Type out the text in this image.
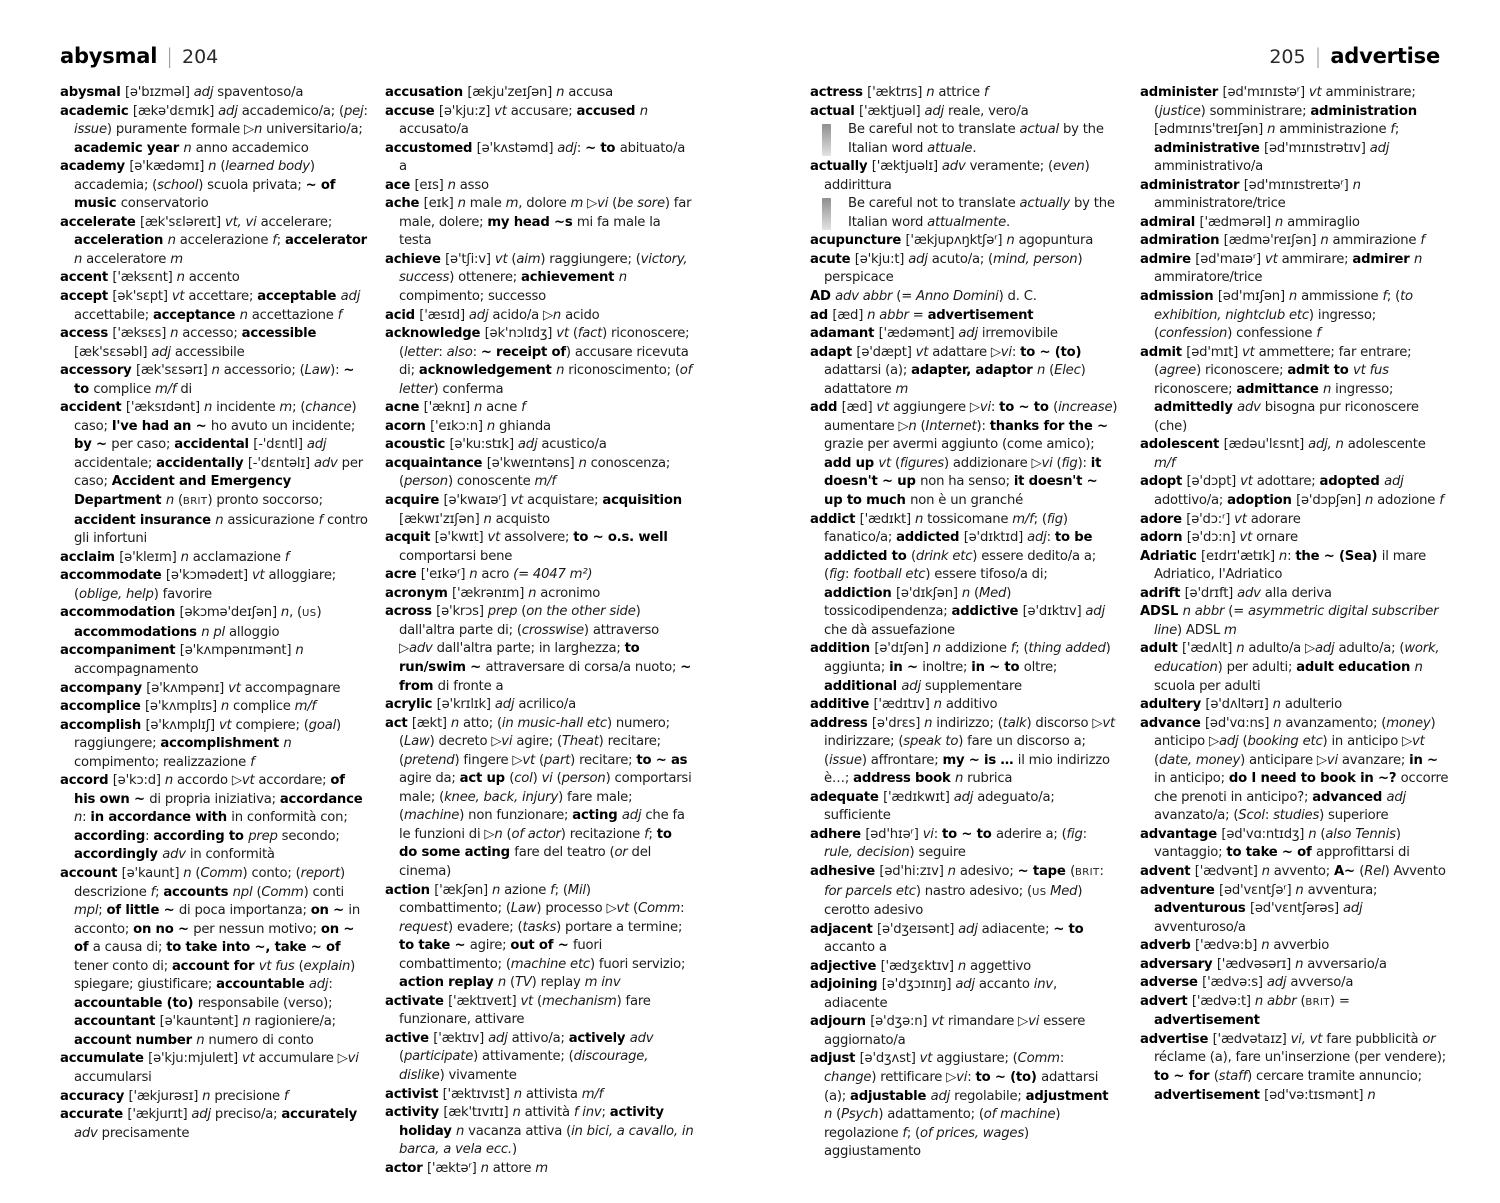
abysmal | 204	205 | advertise

abysmal [ə'bɪzməl] adj spaventoso/a

academic [ækə'dɛmɪk] adj accademico/a; (pej: issue) puramente formale ▷n universitario/a; academic year n anno accademico

academy [ə'kædəmɪ] n (learned body) accademia; (school) scuola privata; ~ of music conservatorio

accelerate [æk'sɛləreɪt] vt, vi accelerare; acceleration n accelerazione f; accelerator n acceleratore m

accent ['æksɛnt] n accento

accept [ək'sɛpt] vt accettare; acceptable adj accettabile; acceptance n accettazione f

access ['æksɛs] n accesso; accessible [æk'sɛsəbl] adj accessibile

accessory [æk'sɛsərɪ] n accessorio; (Law): ~ to complice m/f di

accident ['æksɪdənt] n incidente m; (chance) caso; I've had an ~ ho avuto un incidente; by ~ per caso; accidental [-'dɛntl] adj accidentale; accidentally [-'dɛntəlɪ] adv per caso; Accident and Emergency Department n (BRIT) pronto soccorso; accident insurance n assicurazione f contro gli infortuni

acclaim [ə'kleɪm] n acclamazione f

accommodate [ə'kɔmədeɪt] vt alloggiare; (oblige, help) favorire

accommodation [əkɔmə'deɪʃən] n, (US) accommodations n pl alloggio

accompaniment [ə'kʌmpənɪmənt] n accompagnamento

accompany [ə'kʌmpənɪ] vt accompagnare

accomplice [ə'kʌmplɪs] n complice m/f

accomplish [ə'kʌmplɪʃ] vt compiere; (goal) raggiungere; accomplishment n compimento; realizzazione f

accord [ə'kɔ:d] n accordo ▷vt accordare; of his own ~ di propria iniziativa; accordance n: in accordance with in conformità con; according: according to prep secondo; accordingly adv in conformità

account [ə'kaunt] n (Comm) conto; (report) descrizione f; accounts npl (Comm) conti mpl; of little ~ di poca importanza; on ~ in acconto; on no ~ per nessun motivo; on ~ of a causa di; to take into ~, take ~ of tener conto di; account for vt fus (explain) spiegare; giustificare; accountable adj: accountable (to) responsabile (verso); accountant [ə'kauntənt] n ragioniere/a; account number n numero di conto

accumulate [ə'kju:mjuleɪt] vt accumulare ▷vi accumularsi

accuracy ['ækjurəsɪ] n precisione f

accurate ['ækjurɪt] adj preciso/a; accurately adv precisamente

accusation [ækju'zeɪʃən] n accusa

accuse [ə'kju:z] vt accusare; accused n accusato/a

accustomed [ə'kʌstəmd] adj: ~ to abituato/a a

ace [eɪs] n asso

ache [eɪk] n male m, dolore m ▷vi (be sore) far male, dolere; my head ~s mi fa male la testa

achieve [ə'tʃi:v] vt (aim) raggiungere; (victory, success) ottenere; achievement n compimento; successo

acid ['æsɪd] adj acido/a ▷n acido

acknowledge [ək'nɔlɪdʒ] vt (fact) riconoscere; (letter: also: ~ receipt of) accusare ricevuta di; acknowledgement n riconoscimento; (of letter) conferma

acne ['æknɪ] n acne f

acorn ['eɪkɔ:n] n ghianda

acoustic [ə'ku:stɪk] adj acustico/a

acquaintance [ə'kweɪntəns] n conoscenza; (person) conoscente m/f

acquire [ə'kwaɪəʳ] vt acquistare; acquisition [ækwɪ'zɪʃən] n acquisto

acquit [ə'kwɪt] vt assolvere; to ~ o.s. well comportarsi bene

acre ['eɪkəʳ] n acro (= 4047 m²)

acronym ['ækrənɪm] n acronimo

across [ə'krɔs] prep (on the other side) dall'altra parte di; (crosswise) attraverso ▷adv dall'altra parte; in larghezza; to run/swim ~ attraversare di corsa/a nuoto; ~ from di fronte a

acrylic [ə'krɪlɪk] adj acrilico/a

act [ækt] n atto; (in music-hall etc) numero; (Law) decreto ▷vi agire; (Theat) recitare; (pretend) fingere ▷vt (part) recitare; to ~ as agire da; act up (col) vi (person) comportarsi male; (knee, back, injury) fare male; (machine) non funzionare; acting adj che fa le funzioni di ▷n (of actor) recitazione f; to do some acting fare del teatro (or del cinema)

action ['ækʃən] n azione f; (Mil) combattimento; (Law) processo ▷vt (Comm: request) evadere; (tasks) portare a termine; to take ~ agire; out of ~ fuori combattimento; (machine etc) fuori servizio; action replay n (TV) replay m inv

activate ['æktɪveɪt] vt (mechanism) fare funzionare, attivare

active ['æktɪv] adj attivo/a; actively adv (participate) attivamente; (discourage, dislike) vivamente

activist ['æktɪvɪst] n attivista m/f

activity [æk'tɪvɪtɪ] n attività f inv; activity holiday n vacanza attiva (in bici, a cavallo, in barca, a vela ecc.)

actor ['æktəʳ] n attore m

actress ['æktrɪs] n attrice f

actual ['æktjuəl] adj reale, vero/a

Be careful not to translate actual by the Italian word attuale.

actually ['æktjuəlɪ] adv veramente; (even) addirittura

Be careful not to translate actually by the Italian word attualmente.

acupuncture ['ækjupʌŋktʃəʳ] n agopuntura

acute [ə'kju:t] adj acuto/a; (mind, person) perspicace

AD adv abbr (= Anno Domini) d. C.

ad [æd] n abbr = advertisement

adamant ['ædəmənt] adj irremovibile

adapt [ə'dæpt] vt adattare ▷vi: to ~ (to) adattarsi (a); adapter, adaptor n (Elec) adattatore m

add [æd] vt aggiungere ▷vi: to ~ to (increase) aumentare ▷n (Internet): thanks for the ~ grazie per avermi aggiunto (come amico); add up vt (figures) addizionare ▷vi (fig): it doesn't ~ up non ha senso; it doesn't ~ up to much non è un granché

addict ['ædɪkt] n tossicomane m/f; (fig) fanatico/a; addicted [ə'dɪktɪd] adj: to be addicted to (drink etc) essere dedito/a a; (fig: football etc) essere tifoso/a di; addiction [ə'dɪkʃən] n (Med) tossicodipendenza; addictive [ə'dɪktɪv] adj che dà assuefazione

addition [ə'dɪʃən] n addizione f; (thing added) aggiunta; in ~ inoltre; in ~ to oltre; additional adj supplementare

additive ['ædɪtɪv] n additivo

address [ə'drɛs] n indirizzo; (talk) discorso ▷vt indirizzare; (speak to) fare un discorso a; (issue) affrontare; my ~ is … il mio indirizzo è…; address book n rubrica

adequate ['ædɪkwɪt] adj adeguato/a; sufficiente

adhere [əd'hɪəʳ] vi: to ~ to aderire a; (fig: rule, decision) seguire

adhesive [əd'hi:zɪv] n adesivo; ~ tape (BRIT: for parcels etc) nastro adesivo; (US Med) cerotto adesivo

adjacent [ə'dʒeɪsənt] adj adiacente; ~ to accanto a

adjective ['ædʒɛktɪv] n aggettivo

adjoining [ə'dʒɔɪnɪŋ] adj accanto inv, adiacente

adjourn [ə'dʒə:n] vt rimandare ▷vi essere aggiornato/a

adjust [ə'dʒʌst] vt aggiustare; (Comm: change) rettificare ▷vi: to ~ (to) adattarsi (a); adjustable adj regolabile; adjustment n (Psych) adattamento; (of machine) regolazione f; (of prices, wages) aggiustamento

administer [əd'mɪnɪstəʳ] vt amministrare; (justice) somministrare; administration [ədmɪnɪs'treɪʃən] n amministrazione f; administrative [əd'mɪnɪstrətɪv] adj amministrativo/a

administrator [əd'mɪnɪstreɪtəʳ] n amministratore/trice

admiral ['ædmərəl] n ammiraglio

admiration [ædmə'reɪʃən] n ammirazione f

admire [əd'maɪəʳ] vt ammirare; admirer n ammiratore/trice

admission [əd'mɪʃən] n ammissione f; (to exhibition, nightclub etc) ingresso; (confession) confessione f

admit [əd'mɪt] vt ammettere; far entrare; (agree) riconoscere; admit to vt fus riconoscere; admittance n ingresso; admittedly adv bisogna pur riconoscere (che)

adolescent [ædəu'lɛsnt] adj, n adolescente m/f

adopt [ə'dɔpt] vt adottare; adopted adj adottivo/a; adoption [ə'dɔpʃən] n adozione f

adore [ə'dɔ:ʳ] vt adorare

adorn [ə'dɔ:n] vt ornare

Adriatic [eɪdrɪ'ætɪk] n: the ~ (Sea) il mare Adriatico, l'Adriatico

adrift [ə'drɪft] adv alla deriva

ADSL n abbr (= asymmetric digital subscriber line) ADSL m

adult ['ædʌlt] n adulto/a ▷adj adulto/a; (work, education) per adulti; adult education n scuola per adulti

adultery [ə'dʌltərɪ] n adulterio

advance [əd'vɑ:ns] n avanzamento; (money) anticipo ▷adj (booking etc) in anticipo ▷vt (date, money) anticipare ▷vi avanzare; in ~ in anticipo; do I need to book in ~? occorre che prenoti in anticipo?; advanced adj avanzato/a; (Scol: studies) superiore

advantage [əd'vɑ:ntɪdʒ] n (also Tennis) vantaggio; to take ~ of approfittarsi di

advent ['ædvənt] n avvento; A~ (Rel) Avvento

adventure [əd'vɛntʃəʳ] n avventura; adventurous [əd'vɛntʃərəs] adj avventuroso/a

adverb ['ædvə:b] n avverbio

adversary ['ædvəsərɪ] n avversario/a

adverse ['ædvə:s] adj avverso/a

advert ['ædvə:t] n abbr (BRIT) = advertisement

advertise ['ædvətaɪz] vi, vt fare pubblicità or réclame (a), fare un'inserzione (per vendere); to ~ for (staff) cercare tramite annuncio; advertisement [əd'və:tɪsmənt] n
